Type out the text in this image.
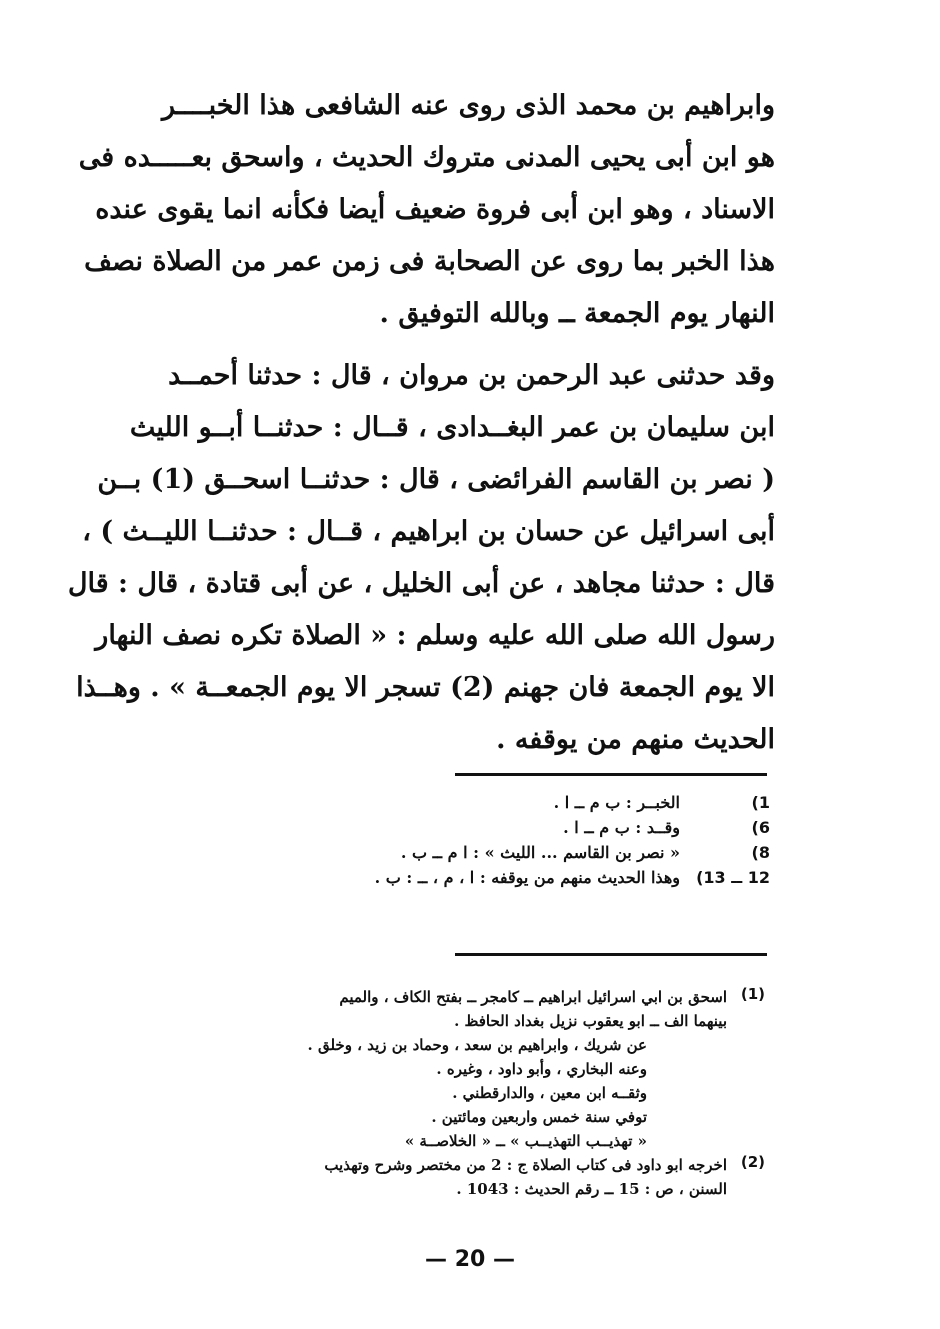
وابراهيم بن محمد الذى روى عنه الشافعى هذا الخبــــر
هو ابن أبى يحيى المدنى متروك الحديث ، واسحق بعـــــده فى
الاسناد ، وهو ابن أبى فروة ضعيف أيضا فكأنه انما يقوى عنده
هذا الخبر بما روى عن الصحابة فى زمن عمر من الصلاة نصف
النهار يوم الجمعة ــ وبالله التوفيق .
وقد حدثنى عبد الرحمن بن مروان ، قال : حدثنا أحمــد
ابن سليمان بن عمر البغــدادى ، قــال : حدثنــا أبــو الليث
( نصر بن القاسم الفرائضى ، قال : حدثنــا اسحــق (1) بــن
أبى اسرائيل عن حسان بن ابراهيم ، قــال : حدثنــا الليــث ) ،
قال : حدثنا مجاهد ، عن أبى الخليل ، عن أبى قتادة ، قال : قال
رسول الله صلى الله عليه وسلم : « الصلاة تكره نصف النهار
الا يوم الجمعة فان جهنم (2) تسجر الا يوم الجمعــة » . وهــذا
الحديث منهم من يوقفه .
1)
الخبــر : ب م ــ ا .
6)
وقــد : ب م ــ ا .
8)
« نصر بن القاسم ... الليث » : ا م ــ ب .
12 ــ 13)
وهذا الحديث منهم من يوقفه : ا ، م ، ــ : ب .
(1)
اسحق بن ابي اسرائيل ابراهيم ــ كامجر ــ بفتح الكاف ، والميم
بينهما الف ــ ابو يعقوب نزيل بغداد الحافظ .
عن شريك ، وابراهيم بن سعد ، وحماد بن زيد ، وخلق .
وعنه البخاري ، وأبو داود ، وغيره .
وثقــه ابن معين ، والدارقطني .
توفي سنة خمس واربعين ومائتين .
« تهذيــب التهذيــب » ــ « الخلاصــة »
(2)
اخرجه ابو داود فى كتاب الصلاة ج : 2 من مختصر وشرح وتهذيب
السنن ، ص : 15 ــ رقم الحديث : 1043 .
— 20 —
